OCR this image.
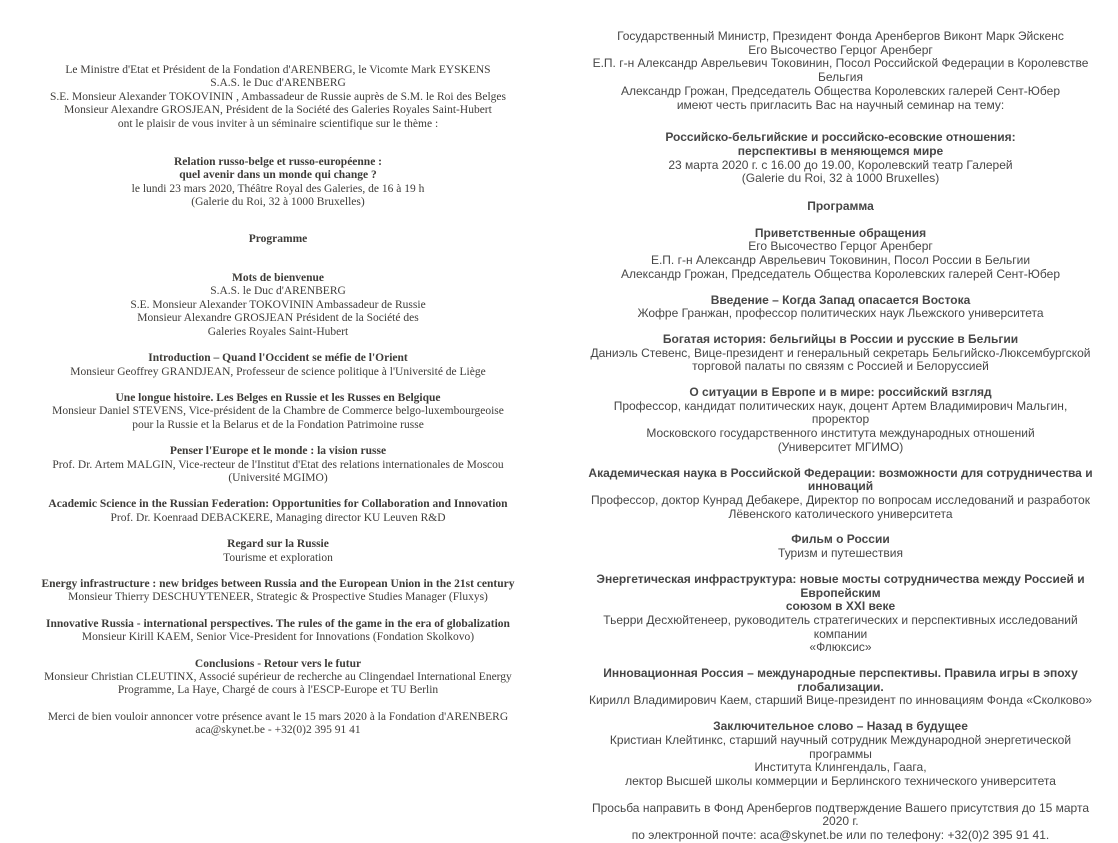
Le Ministre d'Etat et Président de la Fondation d'ARENBERG, le Vicomte Mark EYSKENS
S.A.S. le Duc d'ARENBERG
S.E. Monsieur Alexander TOKOVININ , Ambassadeur de Russie auprès de S.M. le Roi des Belges
Monsieur Alexandre GROSJEAN, Président de la Société des Galeries Royales Saint-Hubert
ont le plaisir de vous inviter à un séminaire scientifique sur le thème :
Relation russo-belge et russo-européenne :
quel avenir dans un monde qui change ?
le lundi 23 mars 2020, Théâtre Royal des Galeries, de 16 à 19 h
(Galerie du Roi, 32 à 1000 Bruxelles)
Programme
Mots de bienvenue
S.A.S. le Duc d'ARENBERG
S.E. Monsieur Alexander TOKOVININ Ambassadeur de Russie
Monsieur Alexandre GROSJEAN Président de la Société des
Galeries Royales Saint-Hubert
Introduction – Quand l'Occident se méfie de l'Orient
Monsieur Geoffrey GRANDJEAN, Professeur de science politique à l'Université de Liège
Une longue histoire. Les Belges en Russie et les Russes en Belgique
Monsieur Daniel STEVENS, Vice-président de la Chambre de Commerce belgo-luxembourgeoise
pour la Russie et la Belarus et de la Fondation Patrimoine russe
Penser l'Europe et le monde : la vision russe
Prof. Dr. Artem MALGIN, Vice-recteur de l'Institut d'Etat des relations internationales de Moscou
(Université MGIMO)
Academic Science in the Russian Federation: Opportunities for Collaboration and Innovation
Prof. Dr. Koenraad DEBACKERE, Managing director KU Leuven R&D
Regard sur la Russie
Tourisme et exploration
Energy infrastructure : new bridges between Russia and the European Union in the 21st century
Monsieur Thierry DESCHUYTENEER, Strategic & Prospective Studies Manager (Fluxys)
Innovative Russia - international perspectives. The rules of the game in the era of globalization
Monsieur Kirill KAEM, Senior Vice-President for Innovations (Fondation Skolkovo)
Conclusions - Retour vers le futur
Monsieur Christian CLEUTINX, Associé supérieur de recherche au Clingendael International Energy
Programme, La Haye, Chargé de cours à l'ESCP-Europe et TU Berlin
Merci de bien vouloir annoncer votre présence avant le 15 mars 2020 à la Fondation d'ARENBERG
aca@skynet.be - +32(0)2 395 91 41
Государственный Министр, Президент Фонда Аренбергов Виконт Марк Эйскенс
Его Высочество Герцог Аренберг
Е.П. г-н Александр Аврельевич Токовинин, Посол Российской Федерации в Королевстве Бельгия
Александр Грожан, Председатель Общества Королевских галерей Сент-Юбер
имеют честь пригласить Вас на научный семинар на тему:
Российско-бельгийские и российско-есовские отношения:
перспективы в меняющемся мире
23 марта 2020 г. с 16.00 до 19.00, Королевский театр Галерей
(Galerie du Roi, 32 à 1000 Bruxelles)
Программа
Приветственные обращения
Его Высочество Герцог Аренберг
Е.П. г-н Александр Аврельевич Токовинин, Посол России в Бельгии
Александр Грожан, Председатель Общества Королевских галерей Сент-Юбер
Введение – Когда Запад опасается Востока
Жофре Гранжан, профессор политических наук Льежского университета
Богатая история: бельгийцы в России и русские в Бельгии
Даниэль Стевенс, Вице-президент и генеральный секретарь Бельгийско-Люксембургской
торговой палаты по связям с Россией и Белоруссией
О ситуации в Европе и в мире: российский взгляд
Профессор, кандидат политических наук, доцент Артем Владимирович Мальгин, проректор
Московского государственного института международных отношений
(Университет МГИМО)
Академическая наука в Российской Федерации: возможности для сотрудничества и
инноваций
Профессор, доктор Кунрад Дебакере, Директор по вопросам исследований и разработок
Лёвенского католического университета
Фильм о России
Туризм и путешествия
Энергетическая инфраструктура: новые мосты сотрудничества между Россией и Европейским
союзом в XXI веке
Тьерри Десхюйтенеер, руководитель стратегических и перспективных исследований компании
«Флюксис»
Инновационная Россия – международные перспективы. Правила игры в эпоху глобализации.
Кирилл Владимирович Каем, старший Вице-президент по инновациям Фонда «Сколково»
Заключительное слово – Назад в будущее
Кристиан Клейтинкс, старший научный сотрудник Международной энергетической программы
Института Клингендаль, Гаага,
лектор Высшей школы коммерции и Берлинского технического университета
Просьба направить в Фонд Аренбергов подтверждение Вашего присутствия до 15 марта 2020 г.
по электронной почте: aca@skynet.be или по телефону: +32(0)2 395 91 41.
